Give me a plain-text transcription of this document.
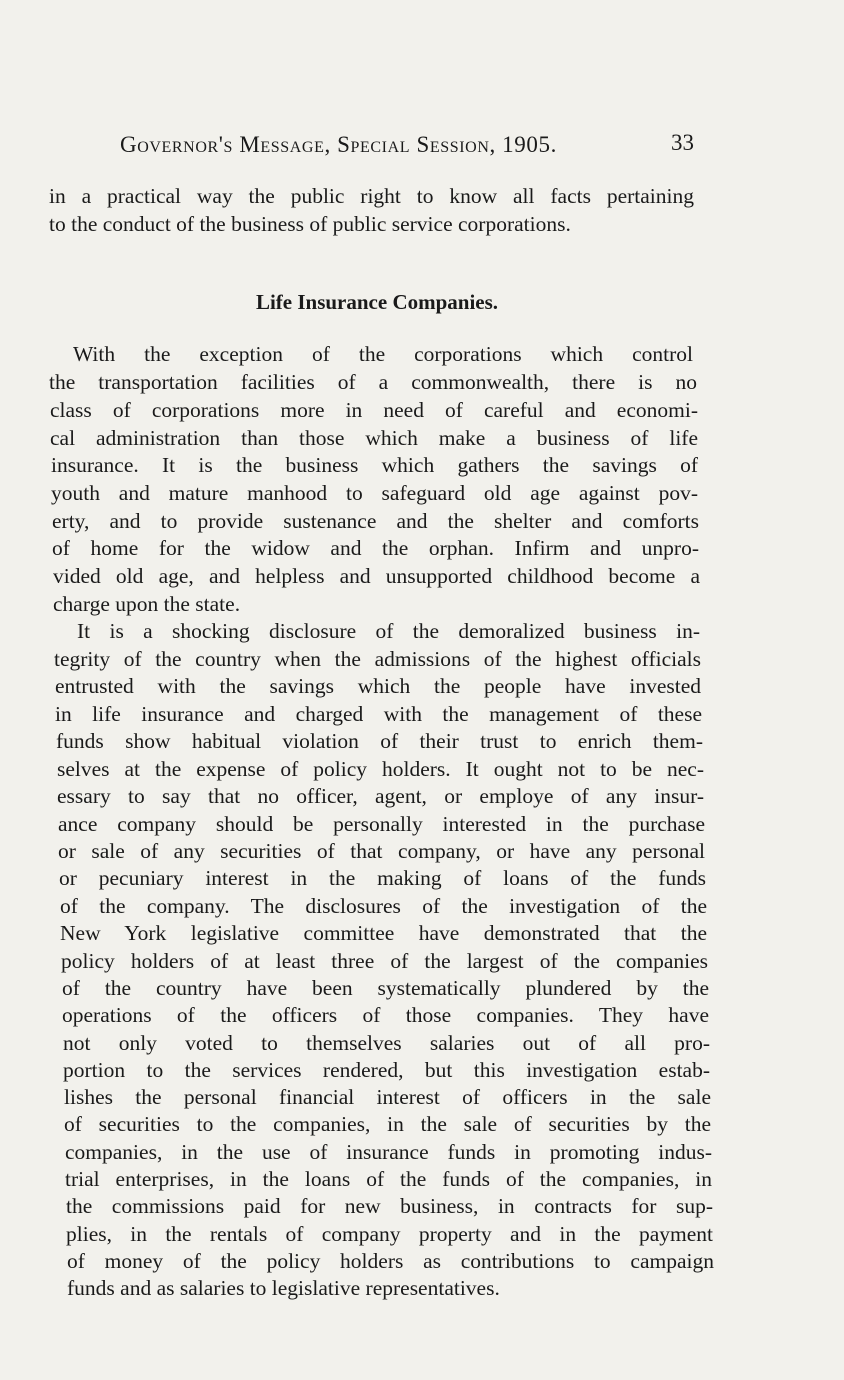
Governor's Message, Special Session, 1905.	33
in a practical way the public right to know all facts pertaining
to the conduct of the business of public service corporations.
Life Insurance Companies.
With the exception of the corporations which control
the transportation facilities of a commonwealth, there is no
class of corporations more in need of careful and economi-
cal administration than those which make a business of life
insurance. It is the business which gathers the savings of
youth and mature manhood to safeguard old age against pov-
erty, and to provide sustenance and the shelter and comforts
of home for the widow and the orphan. Infirm and unpro-
vided old age, and helpless and unsupported childhood become a
charge upon the state.
It is a shocking disclosure of the demoralized business in-
tegrity of the country when the admissions of the highest officials
entrusted with the savings which the people have invested
in life insurance and charged with the management of these
funds show habitual violation of their trust to enrich them-
selves at the expense of policy holders. It ought not to be nec-
essary to say that no officer, agent, or employe of any insur-
ance company should be personally interested in the purchase
or sale of any securities of that company, or have any personal
or pecuniary interest in the making of loans of the funds
of the company. The disclosures of the investigation of the
New York legislative committee have demonstrated that the
policy holders of at least three of the largest of the companies
of the country have been systematically plundered by the
operations of the officers of those companies. They have
not only voted to themselves salaries out of all pro-
portion to the services rendered, but this investigation estab-
lishes the personal financial interest of officers in the sale
of securities to the companies, in the sale of securities by the
companies, in the use of insurance funds in promoting indus-
trial enterprises, in the loans of the funds of the companies, in
the commissions paid for new business, in contracts for sup-
plies, in the rentals of company property and in the payment
of money of the policy holders as contributions to campaign
funds and as salaries to legislative representatives.
